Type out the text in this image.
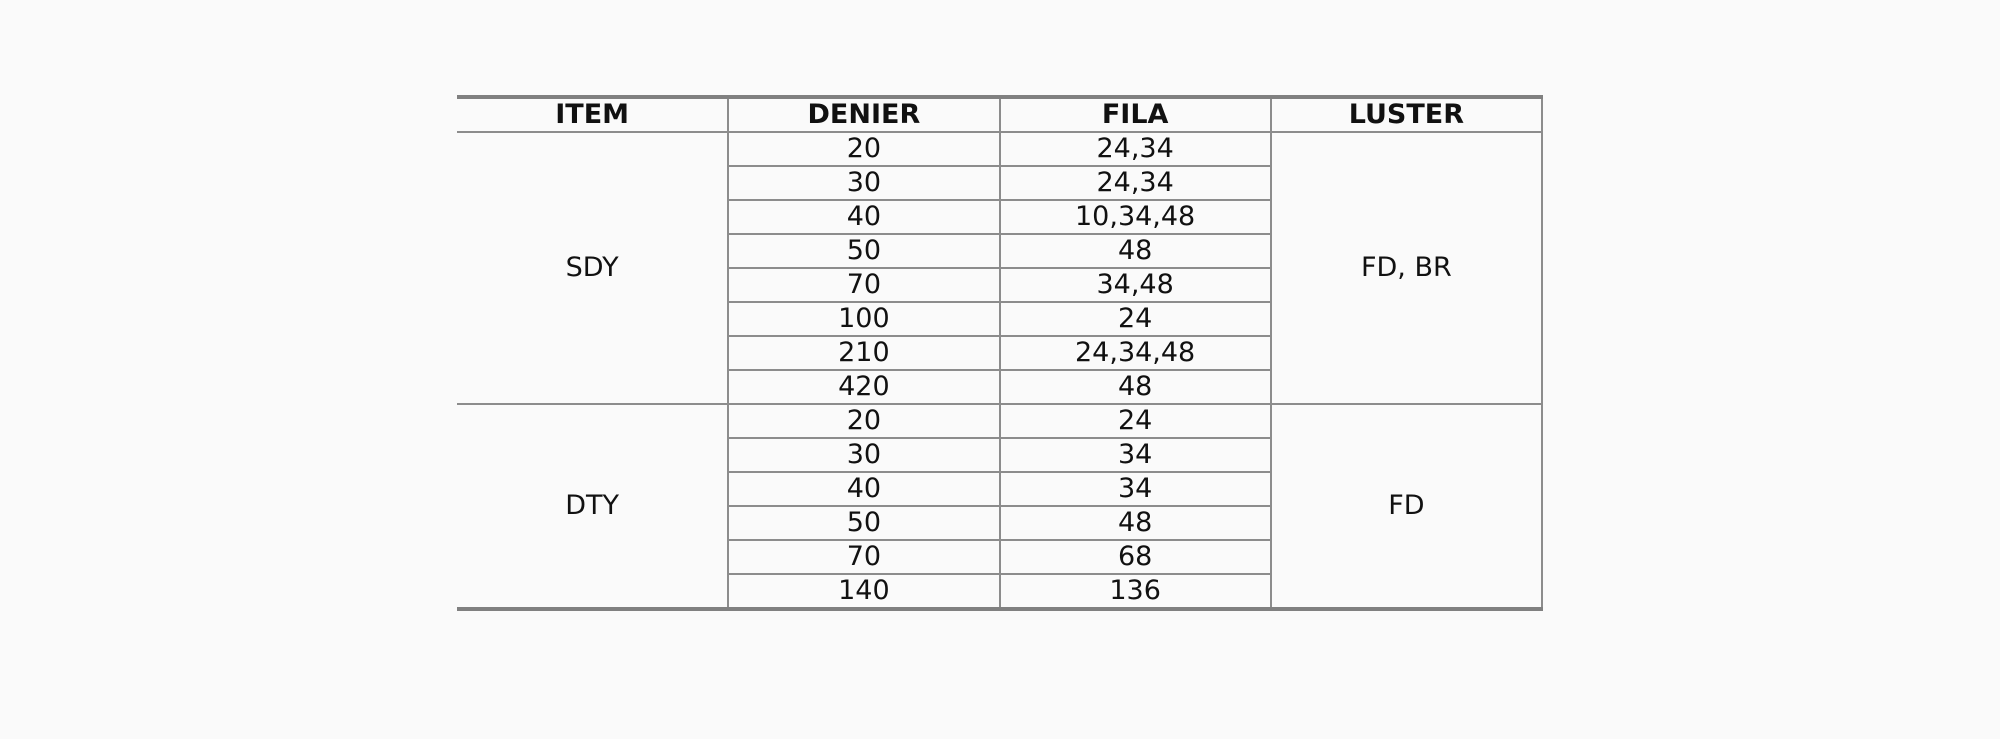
ITEM	DENIER	FILA	LUSTER
SDY	20	24,34	FD, BR
	30	24,34	
	40	10,34,48	
	50	48	
	70	34,48	
	100	24	
	210	24,34,48	
	420	48	
DTY	20	24	FD
	30	34	
	40	34	
	50	48	
	70	68	
	140	136	
